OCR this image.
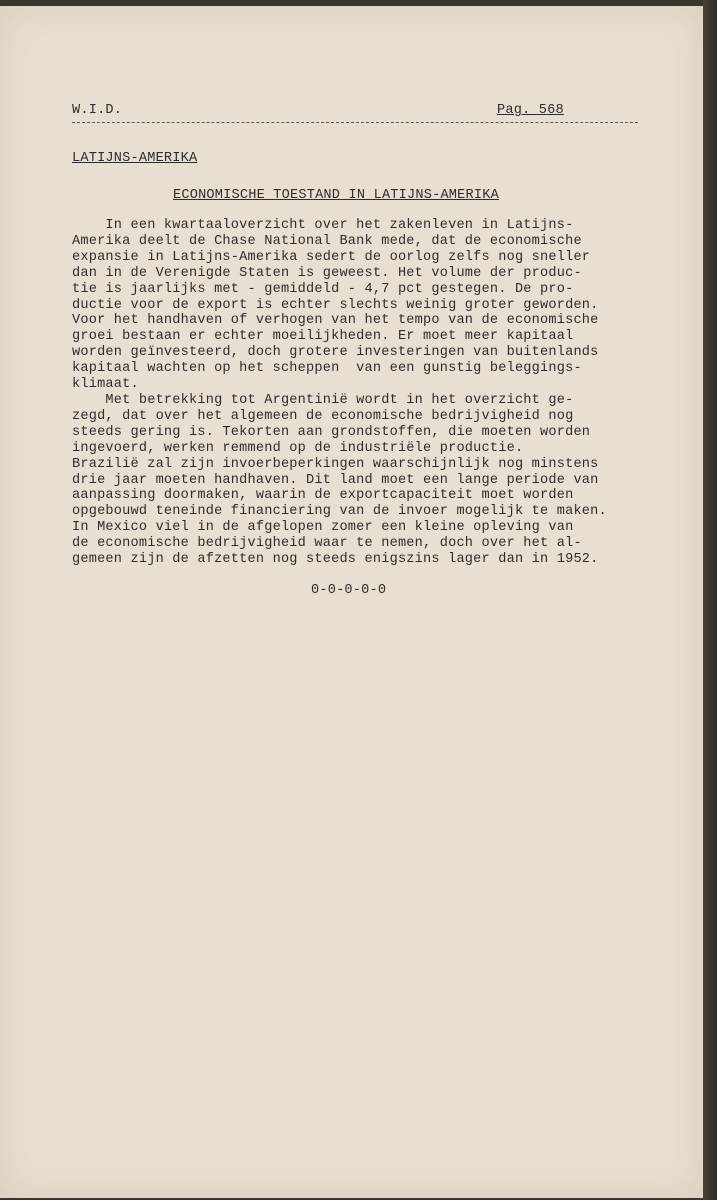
W.I.D.	Pag. 568
LATIJNS-AMERIKA
ECONOMISCHE TOESTAND IN LATIJNS-AMERIKA
In een kwartaaloverzicht over het zakenleven in Latijns-
Amerika deelt de Chase National Bank mede, dat de economische
expansie in Latijns-Amerika sedert de oorlog zelfs nog sneller
dan in de Verenigde Staten is geweest. Het volume der produc-
tie is jaarlijks met - gemiddeld - 4,7 pct gestegen. De pro-
ductie voor de export is echter slechts weinig groter geworden.
Voor het handhaven of verhogen van het tempo van de economische
groei bestaan er echter moeilijkheden. Er moet meer kapitaal
worden geïnvesteerd, doch grotere investeringen van buitenlands
kapitaal wachten op het scheppen  van een gunstig beleggings-
klimaat.
Met betrekking tot Argentinië wordt in het overzicht ge-
zegd, dat over het algemeen de economische bedrijvigheid nog
steeds gering is. Tekorten aan grondstoffen, die moeten worden
ingevoerd, werken remmend op de industriële productie.
Brazilië zal zijn invoerbeperkingen waarschijnlijk nog minstens
drie jaar moeten handhaven. Dit land moet een lange periode van
aanpassing doormaken, waarin de exportcapaciteit moet worden
opgebouwd teneinde financiering van de invoer mogelijk te maken.
In Mexico viel in de afgelopen zomer een kleine opleving van
de economische bedrijvigheid waar te nemen, doch over het al-
gemeen zijn de afzetten nog steeds enigszins lager dan in 1952.
0-0-0-0-0
